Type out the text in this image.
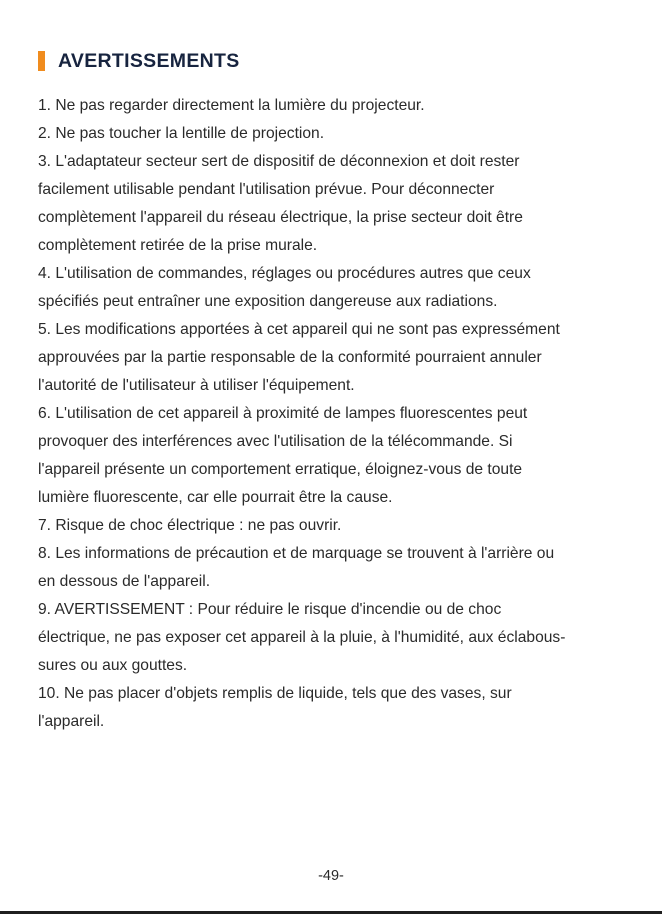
AVERTISSEMENTS
1. Ne pas regarder directement la lumière du projecteur.
2. Ne pas toucher la lentille de projection.
3. L'adaptateur secteur sert de dispositif de déconnexion et doit rester
facilement utilisable pendant l'utilisation prévue. Pour déconnecter
complètement l'appareil du réseau électrique, la prise secteur doit être
complètement retirée de la prise murale.
4. L'utilisation de commandes, réglages ou procédures autres que ceux
spécifiés peut entraîner une exposition dangereuse aux radiations.
5. Les modifications apportées à cet appareil qui ne sont pas expressément
approuvées par la partie responsable de la conformité pourraient annuler
l'autorité de l'utilisateur à utiliser l'équipement.
6. L'utilisation de cet appareil à proximité de lampes fluorescentes peut
provoquer des interférences avec l'utilisation de la télécommande. Si
l'appareil présente un comportement erratique, éloignez-vous de toute
lumière fluorescente, car elle pourrait être la cause.
7. Risque de choc électrique : ne pas ouvrir.
8. Les informations de précaution et de marquage se trouvent à l'arrière ou
en dessous de l'appareil.
9. AVERTISSEMENT : Pour réduire le risque d'incendie ou de choc
électrique, ne pas exposer cet appareil à la pluie, à l'humidité, aux éclabous-
sures ou aux gouttes.
10. Ne pas placer d'objets remplis de liquide, tels que des vases, sur
l'appareil.
-49-
